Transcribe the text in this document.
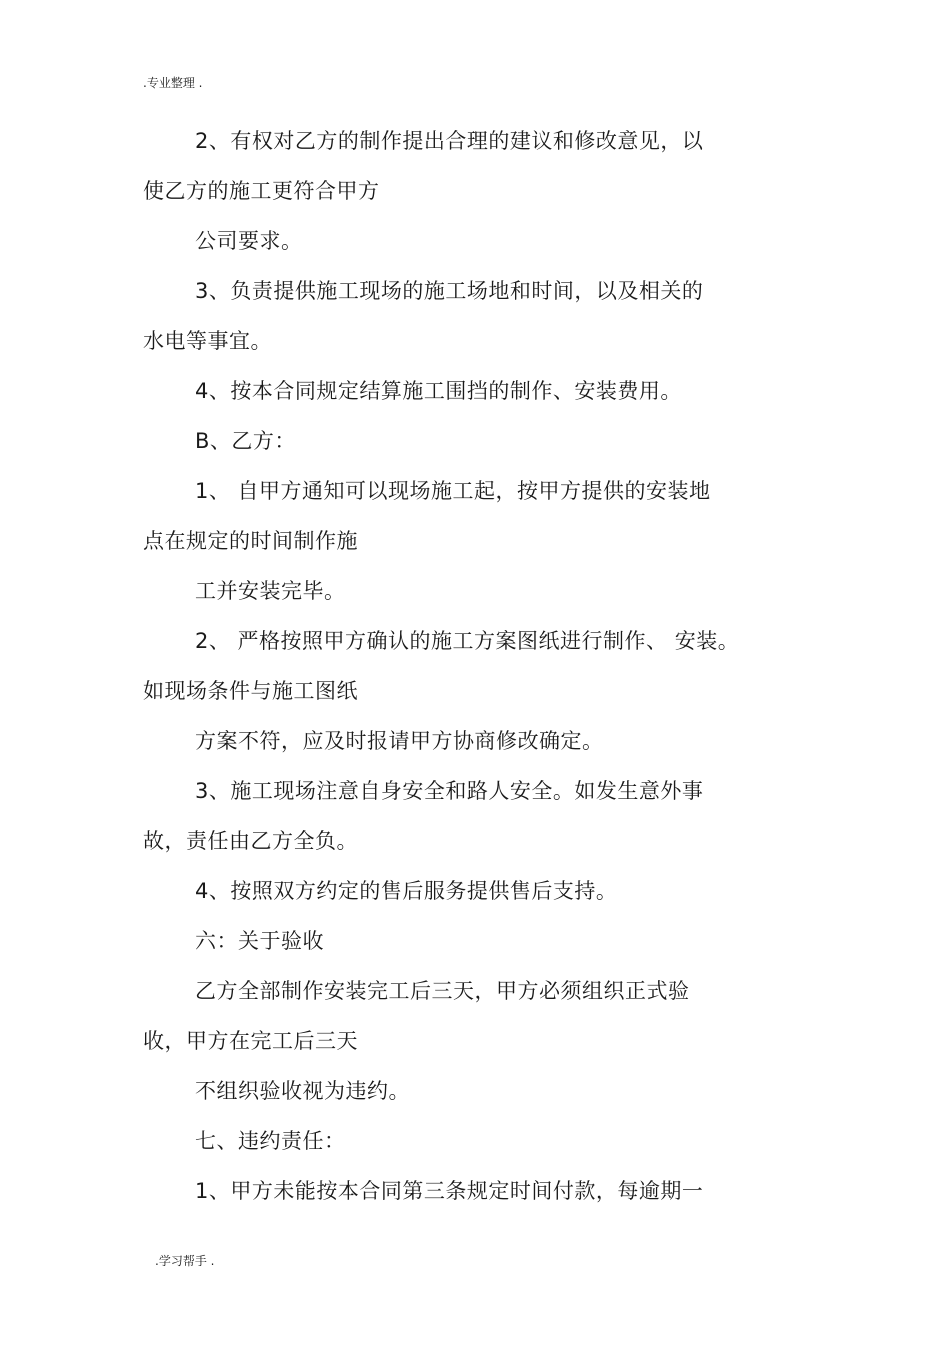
.专业整理 .
2、有权对乙方的制作提出合理的建议和修改意见，以
使乙方的施工更符合甲方
公司要求。
3、负责提供施工现场的施工场地和时间，以及相关的
水电等事宜。
4、按本合同规定结算施工围挡的制作、安装费用。
B、乙方：
1、 自甲方通知可以现场施工起，按甲方提供的安装地
点在规定的时间制作施
工并安装完毕。
2、 严格按照甲方确认的施工方案图纸进行制作、 安装。
如现场条件与施工图纸
方案不符，应及时报请甲方协商修改确定。
3、施工现场注意自身安全和路人安全。如发生意外事
故，责任由乙方全负。
4、按照双方约定的售后服务提供售后支持。
六：关于验收
乙方全部制作安装完工后三天，甲方必须组织正式验
收，甲方在完工后三天
不组织验收视为违约。
七、违约责任：
1、甲方未能按本合同第三条规定时间付款，每逾期一
.学习帮手 .
